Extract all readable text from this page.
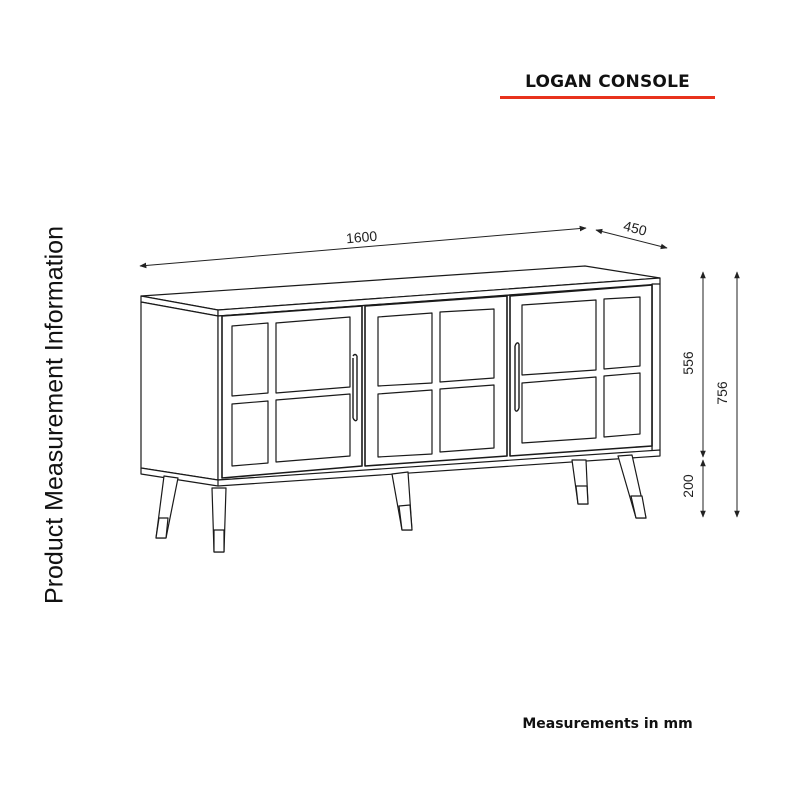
LOGAN CONSOLE
Product Measurement Information
Measurements in mm
1600	450
556
200
756
